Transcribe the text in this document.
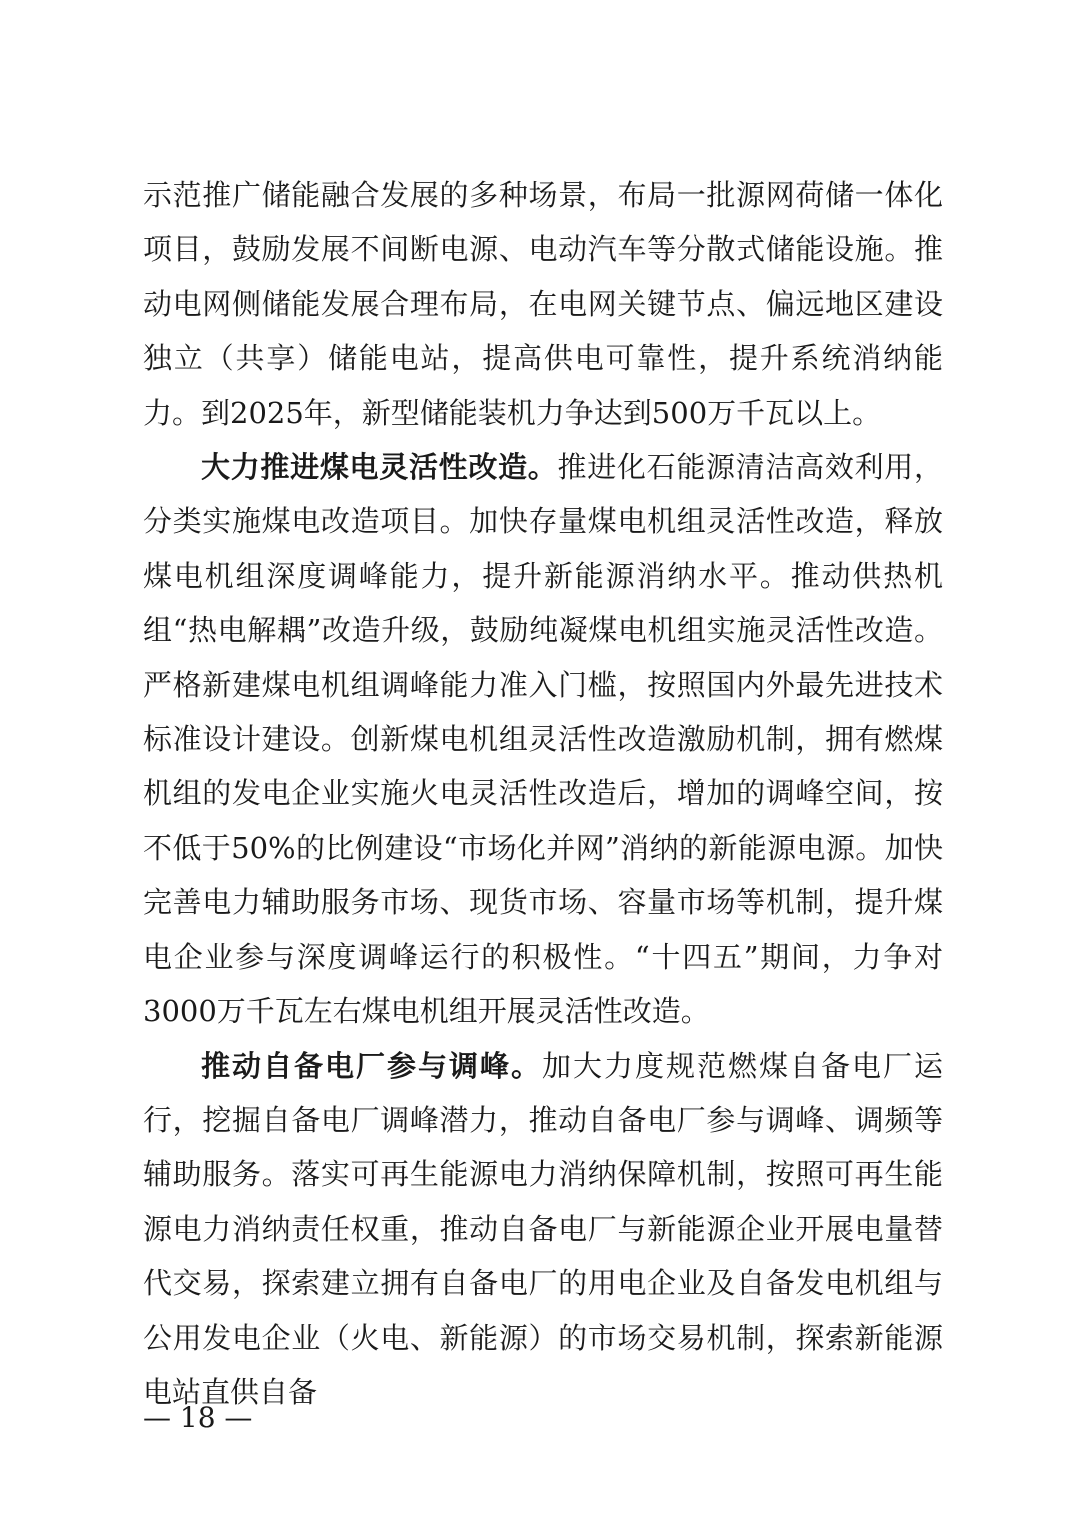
示范推广储能融合发展的多种场景，布局一批源网荷储一体化项目，鼓励发展不间断电源、电动汽车等分散式储能设施。推动电网侧储能发展合理布局，在电网关键节点、偏远地区建设独立（共享）储能电站，提高供电可靠性，提升系统消纳能力。到2025年，新型储能装机力争达到500万千瓦以上。

大力推进煤电灵活性改造。推进化石能源清洁高效利用，分类实施煤电改造项目。加快存量煤电机组灵活性改造，释放煤电机组深度调峰能力，提升新能源消纳水平。推动供热机组“热电解耦”改造升级，鼓励纯凝煤电机组实施灵活性改造。严格新建煤电机组调峰能力准入门槛，按照国内外最先进技术标准设计建设。创新煤电机组灵活性改造激励机制，拥有燃煤机组的发电企业实施火电灵活性改造后，增加的调峰空间，按不低于50%的比例建设“市场化并网”消纳的新能源电源。加快完善电力辅助服务市场、现货市场、容量市场等机制，提升煤电企业参与深度调峰运行的积极性。“十四五”期间，力争对3000万千瓦左右煤电机组开展灵活性改造。

推动自备电厂参与调峰。加大力度规范燃煤自备电厂运行，挖掘自备电厂调峰潜力，推动自备电厂参与调峰、调频等辅助服务。落实可再生能源电力消纳保障机制，按照可再生能源电力消纳责任权重，推动自备电厂与新能源企业开展电量替代交易，探索建立拥有自备电厂的用电企业及自备发电机组与公用发电企业（火电、新能源）的市场交易机制，探索新能源电站直供自备

— 18 —
